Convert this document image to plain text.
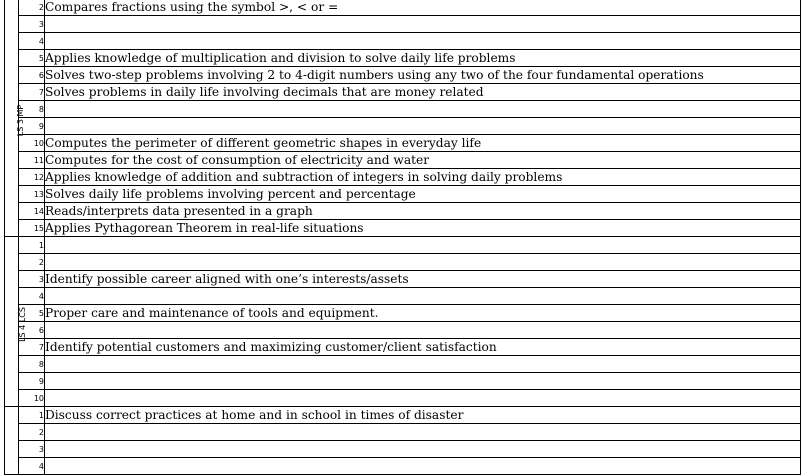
LS 3 MP	2	Compares fractions using the symbol >, < or =
	3	
	4	
	5	Applies knowledge of multiplication and division to solve daily life problems
	6	Solves two-step problems involving 2 to 4-digit numbers using any two of the four fundamental operations
	7	Solves problems in daily life involving decimals that are money related
	8	
	9	
	10	Computes the perimeter of different geometric shapes in everyday life
	11	Computes for the cost of consumption of electricity and water
	12	Applies knowledge of addition and subtraction of integers in solving daily problems
	13	Solves daily life problems involving percent and percentage
	14	Reads/interprets data presented in a graph
	15	Applies Pythagorean Theorem in real-life situations
LS 4 LCS	1	
	2	
	3	Identify possible career aligned with one’s interests/assets
	4	
	5	Proper care and maintenance of tools and equipment.
	6	
	7	Identify potential customers and maximizing customer/client satisfaction
	8	
	9	
	10	
	1	Discuss correct practices at home and in school in times of disaster
	2	
	3	
	4	
